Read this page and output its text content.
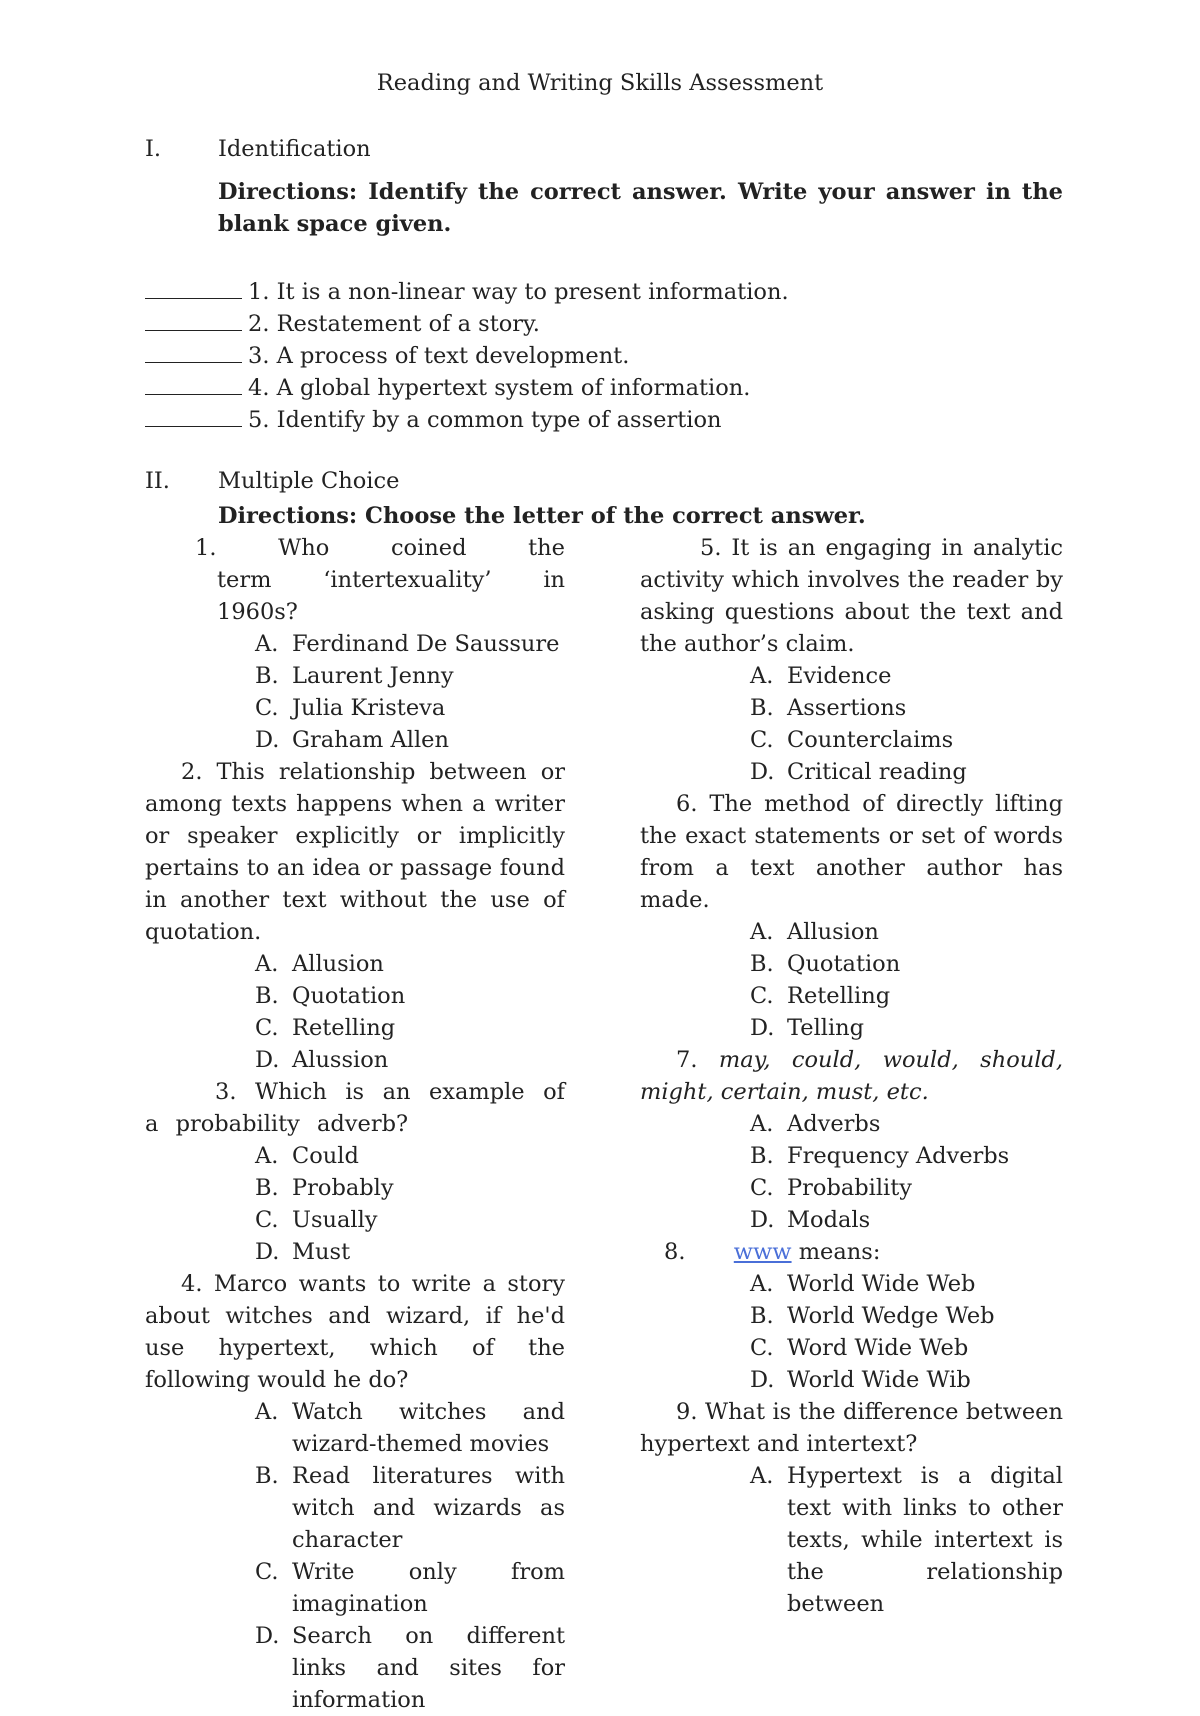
Reading and Writing Skills Assessment
I.	Identification
Directions: Identify the correct answer. Write your answer in the blank space given.
1. It is a non-linear way to present information.
2. Restatement of a story.
3. A process of text development.
4. A global hypertext system of information.
5. Identify by a common type of assertion
II. Multiple Choice
Directions: Choose the letter of the correct answer.
1.	Who coined the term ‘intertexuality’ in 1960s?
A. Ferdinand De Saussure
B. Laurent Jenny
C. Julia Kristeva
D. Graham Allen
2. This relationship between or among texts happens when a writer or speaker explicitly or implicitly pertains to an idea or passage found in another text without the use of quotation.
A. Allusion
B. Quotation
C. Retelling
D. Alussion
3. Which is an example of a probability adverb?
A. Could
B. Probably
C. Usually
D. Must
4. Marco wants to write a story about witches and wizard, if he'd use hypertext, which of the following would he do?
A. Watch witches and wizard-themed movies
B. Read literatures with witch and wizards as character
C. Write only from imagination
D. Search on different links and sites for information
5. It is an engaging in analytic activity which involves the reader by asking questions about the text and the author’s claim.
A. Evidence
B. Assertions
C. Counterclaims
D. Critical reading
6. The method of directly lifting the exact statements or set of words from a text another author has made.
A. Allusion
B. Quotation
C. Retelling
D. Telling
7. may, could, would, should, might, certain, must, etc.
A. Adverbs
B. Frequency Adverbs
C. Probability
D. Modals
8. www means:
A. World Wide Web
B. World Wedge Web
C. Word Wide Web
D. World Wide Wib
9. What is the difference between hypertext and intertext?
A. Hypertext is a digital text with links to other texts, while intertext is the relationship between
